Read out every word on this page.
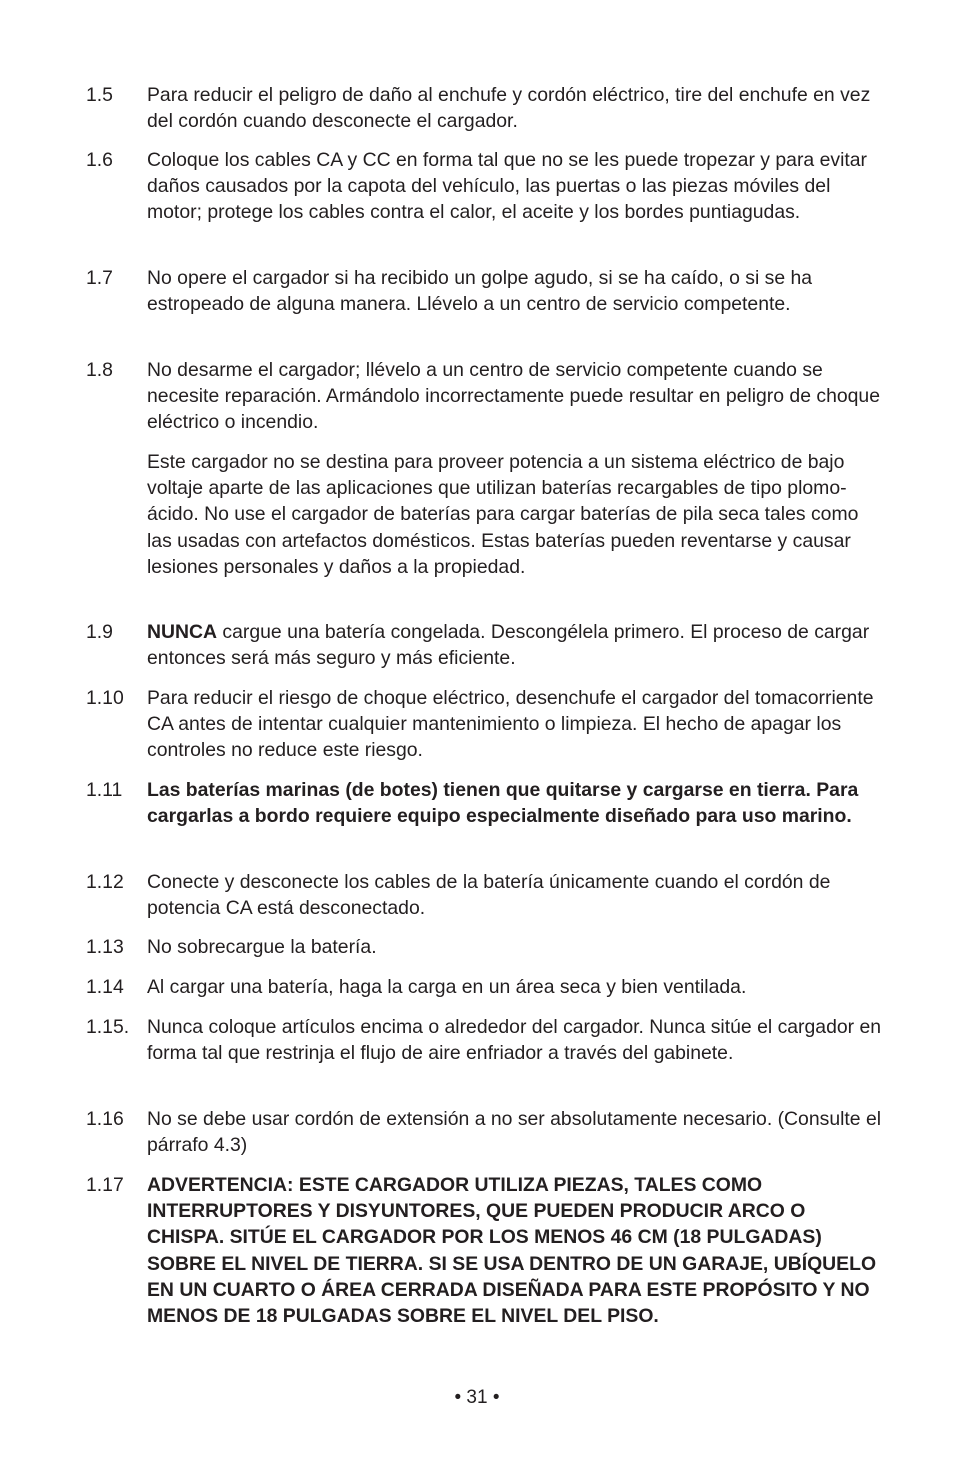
1.5 Para reducir el peligro de daño al enchufe y cordón eléctrico, tire del enchufe en vez del cordón cuando desconecte el cargador.
1.6 Coloque los cables CA y CC en forma tal que no se les puede tropezar y para evitar daños causados por la capota del vehículo, las puertas o las piezas móviles del motor; protege los cables contra el calor, el aceite y los bordes puntiagudas.
1.7 No opere el cargador si ha recibido un golpe agudo, si se ha caído, o si se ha estropeado de alguna manera. Llévelo a un centro de servicio competente.
1.8 No desarme el cargador; llévelo a un centro de servicio competente cuando se necesite reparación. Armándolo incorrectamente puede resultar en peligro de choque eléctrico o incendio.
Este cargador no se destina para proveer potencia a un sistema eléctrico de bajo voltaje aparte de las aplicaciones que utilizan baterías recargables de tipo plomo-ácido. No use el cargador de baterías para cargar baterías de pila seca tales como las usadas con artefactos domésticos. Estas baterías pueden reventarse y causar lesiones personales y daños a la propiedad.
1.9 NUNCA cargue una batería congelada. Descongélela primero. El proceso de cargar entonces será más seguro y más eficiente.
1.10 Para reducir el riesgo de choque eléctrico, desenchufe el cargador del tomacorriente CA antes de intentar cualquier mantenimiento o limpieza. El hecho de apagar los controles no reduce este riesgo.
1.11 Las baterías marinas (de botes) tienen que quitarse y cargarse en tierra. Para cargarlas a bordo requiere equipo especialmente diseñado para uso marino.
1.12 Conecte y desconecte los cables de la batería únicamente cuando el cordón de potencia CA está desconectado.
1.13 No sobrecargue la batería.
1.14 Al cargar una batería, haga la carga en un área seca y bien ventilada.
1.15. Nunca coloque artículos encima o alrededor del cargador. Nunca sitúe el cargador en forma tal que restrinja el flujo de aire enfriador a través del gabinete.
1.16 No se debe usar cordón de extensión a no ser absolutamente necesario. (Consulte el párrafo 4.3)
1.17 ADVERTENCIA: ESTE CARGADOR UTILIZA PIEZAS, TALES COMO INTERRUPTORES Y DISYUNTORES, QUE PUEDEN PRODUCIR ARCO O CHISPA. SITÚE EL CARGADOR POR LOS MENOS 46 CM (18 PULGADAS) SOBRE EL NIVEL DE TIERRA. SI SE USA DENTRO DE UN GARAJE, UBÍQUELO EN UN CUARTO O ÁREA CERRADA DISEÑADA PARA ESTE PROPÓSITO Y NO MENOS DE 18 PULGADAS SOBRE EL NIVEL DEL PISO.
• 31 •
